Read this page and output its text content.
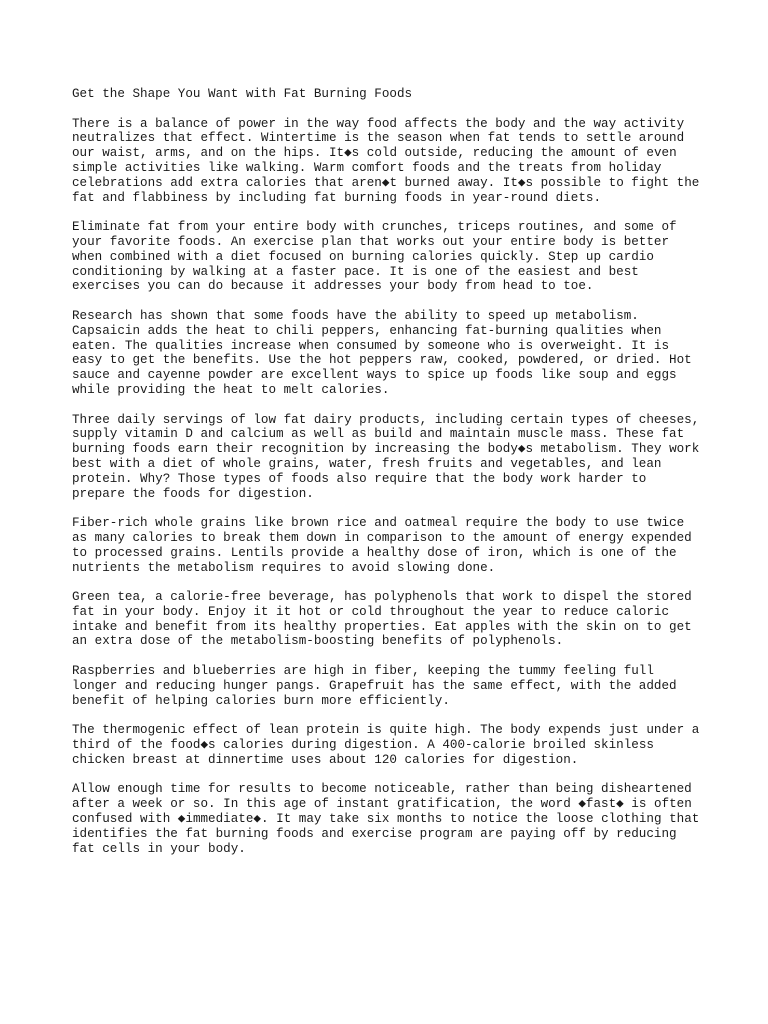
Get the Shape You Want with Fat Burning Foods
There is a balance of power in the way food affects the body and the way activity
neutralizes that effect. Wintertime is the season when fat tends to settle around
our waist, arms, and on the hips. It◆s cold outside, reducing the amount of even
simple activities like walking. Warm comfort foods and the treats from holiday
celebrations add extra calories that aren◆t burned away. It◆s possible to fight the
fat and flabbiness by including fat burning foods in year-round diets.
Eliminate fat from your entire body with crunches, triceps routines, and some of
your favorite foods. An exercise plan that works out your entire body is better
when combined with a diet focused on burning calories quickly. Step up cardio
conditioning by walking at a faster pace. It is one of the easiest and best
exercises you can do because it addresses your body from head to toe.
Research has shown that some foods have the ability to speed up metabolism.
Capsaicin adds the heat to chili peppers, enhancing fat-burning qualities when
eaten. The qualities increase when consumed by someone who is overweight. It is
easy to get the benefits. Use the hot peppers raw, cooked, powdered, or dried. Hot
sauce and cayenne powder are excellent ways to spice up foods like soup and eggs
while providing the heat to melt calories.
Three daily servings of low fat dairy products, including certain types of cheeses,
supply vitamin D and calcium as well as build and maintain muscle mass. These fat
burning foods earn their recognition by increasing the body◆s metabolism. They work
best with a diet of whole grains, water, fresh fruits and vegetables, and lean
protein. Why? Those types of foods also require that the body work harder to
prepare the foods for digestion.
Fiber-rich whole grains like brown rice and oatmeal require the body to use twice
as many calories to break them down in comparison to the amount of energy expended
to processed grains. Lentils provide a healthy dose of iron, which is one of the
nutrients the metabolism requires to avoid slowing done.
Green tea, a calorie-free beverage, has polyphenols that work to dispel the stored
fat in your body. Enjoy it it hot or cold throughout the year to reduce caloric
intake and benefit from its healthy properties. Eat apples with the skin on to get
an extra dose of the metabolism-boosting benefits of polyphenols.
Raspberries and blueberries are high in fiber, keeping the tummy feeling full
longer and reducing hunger pangs. Grapefruit has the same effect, with the added
benefit of helping calories burn more efficiently.
The thermogenic effect of lean protein is quite high. The body expends just under a
third of the food◆s calories during digestion. A 400-calorie broiled skinless
chicken breast at dinnertime uses about 120 calories for digestion.
Allow enough time for results to become noticeable, rather than being disheartened
after a week or so. In this age of instant gratification, the word ◆fast◆ is often
confused with ◆immediate◆. It may take six months to notice the loose clothing that
identifies the fat burning foods and exercise program are paying off by reducing
fat cells in your body.
